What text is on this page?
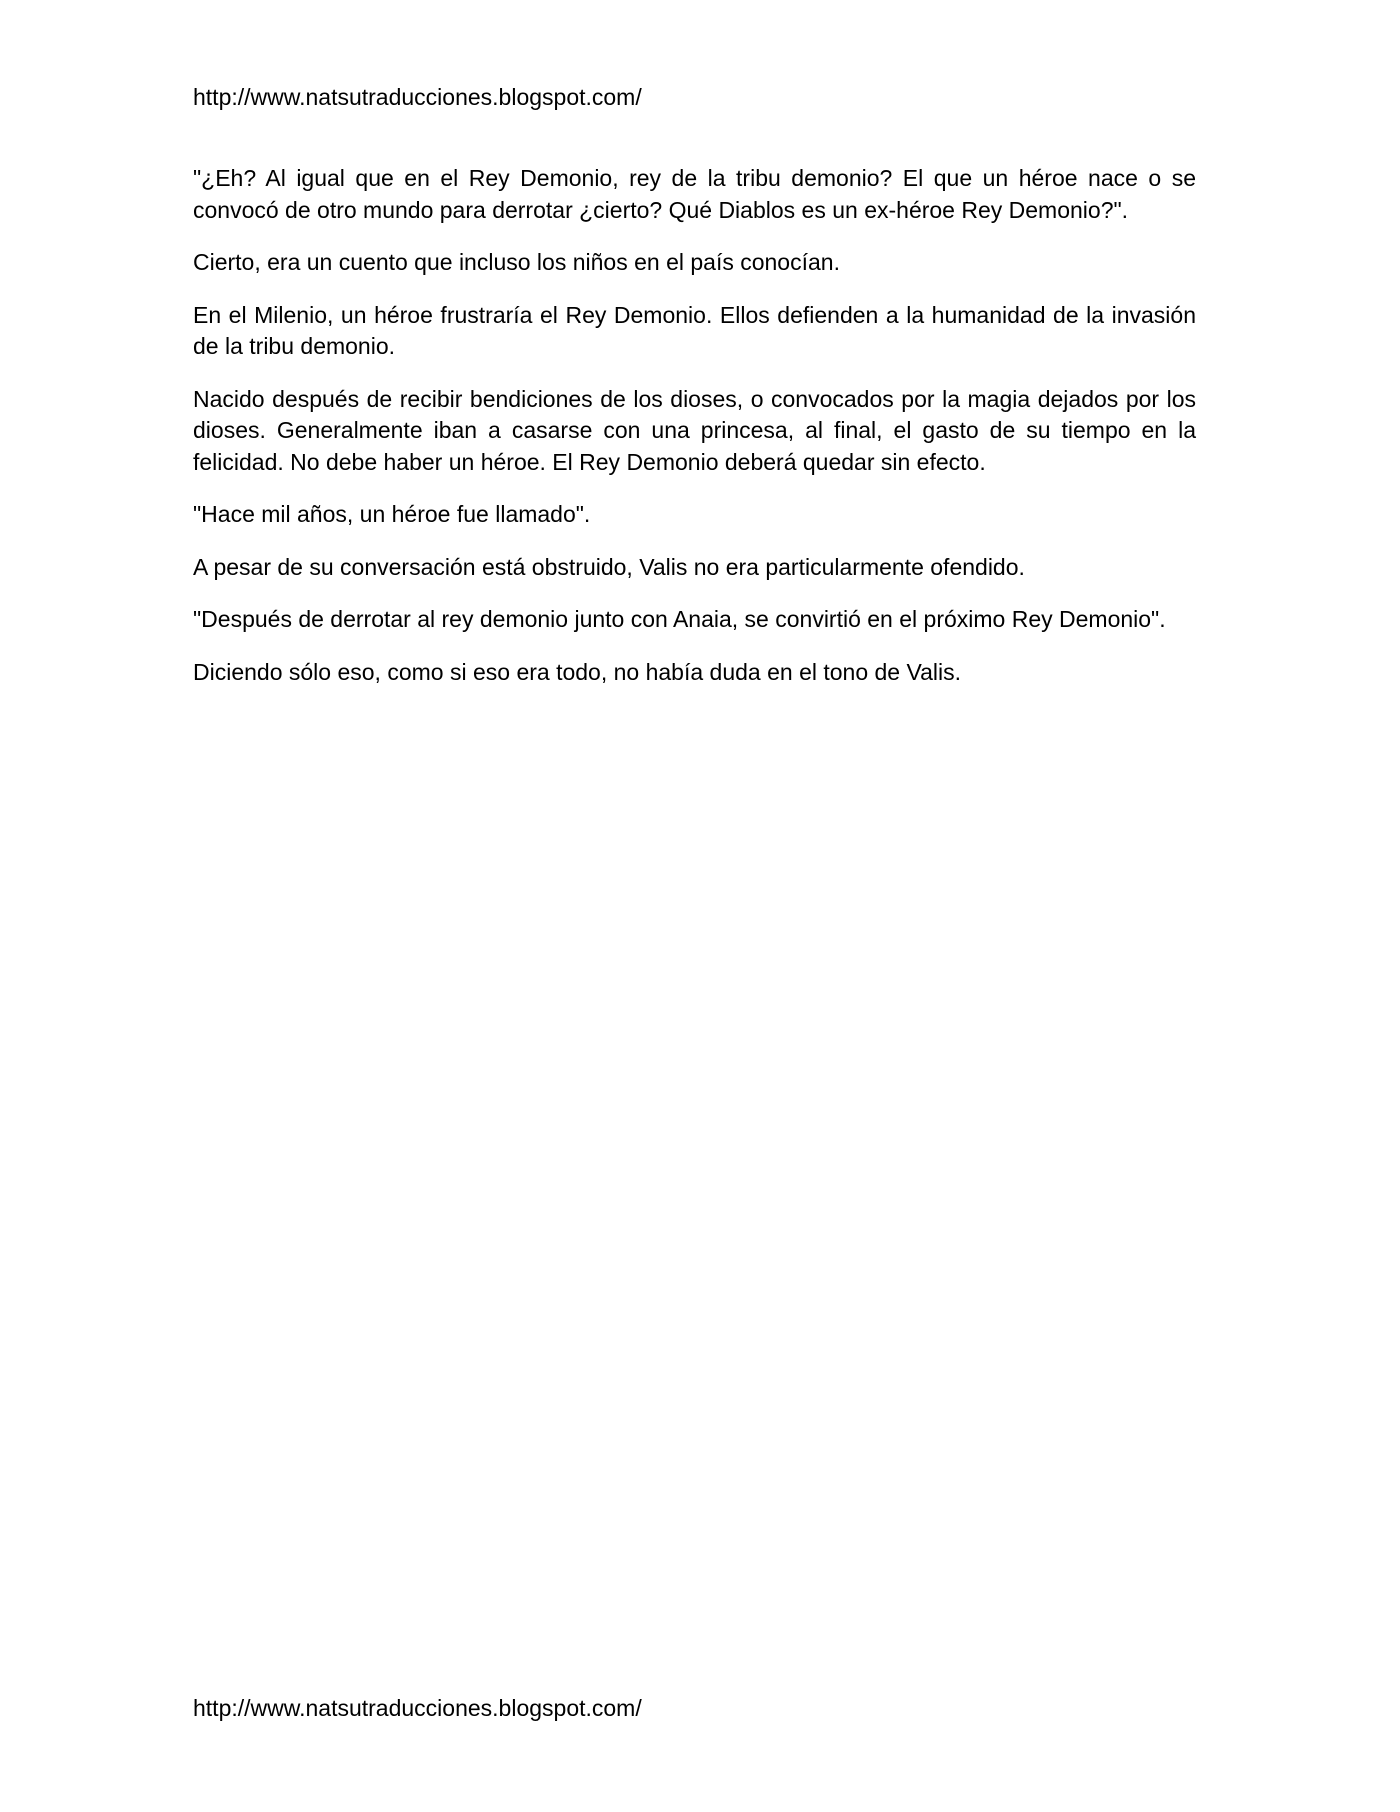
http://www.natsutraducciones.blogspot.com/

"¿Eh? Al igual que en el Rey Demonio, rey de la tribu demonio? El que un héroe nace o se convocó de otro mundo para derrotar ¿cierto? Qué Diablos es un ex-héroe Rey Demonio?".

Cierto, era un cuento que incluso los niños en el país conocían.

En el Milenio, un héroe frustraría el Rey Demonio. Ellos defienden a la humanidad de la invasión de la tribu demonio.

Nacido después de recibir bendiciones de los dioses, o convocados por la magia dejados por los dioses. Generalmente iban a casarse con una princesa, al final, el gasto de su tiempo en la felicidad. No debe haber un héroe. El Rey Demonio deberá quedar sin efecto.

"Hace mil años, un héroe fue llamado".

A pesar de su conversación está obstruido, Valis no era particularmente ofendido.

"Después de derrotar al rey demonio junto con Anaia, se convirtió en el próximo Rey Demonio".

Diciendo sólo eso, como si eso era todo, no había duda en el tono de Valis.

http://www.natsutraducciones.blogspot.com/
